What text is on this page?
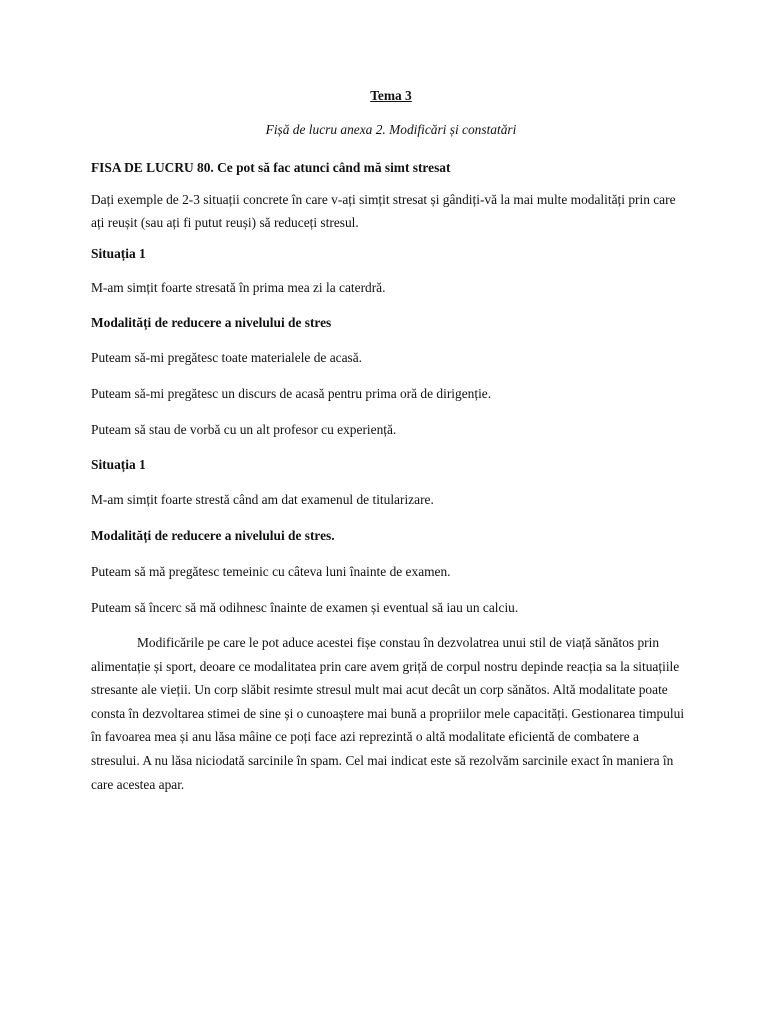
Tema 3

Fișă de lucru anexa 2. Modificări și constatări

FISA DE LUCRU 80. Ce pot să fac atunci când mă simt stresat

Dați exemple de 2-3 situații concrete în care v-ați simțit stresat și gândiți-vă la mai multe modalități prin care ați reușit (sau ați fi putut reuși) să reduceți stresul.

Situația 1

M-am simțit foarte stresată în prima mea zi la caterdră.

Modalități de reducere a nivelului de stres

Puteam să-mi pregătesc toate materialele de acasă.

Puteam să-mi pregătesc un discurs de acasă pentru prima oră de dirigenție.

Puteam să stau de vorbă cu un alt profesor cu experiență.

Situația 1

M-am simțit foarte strestă când am dat examenul de titularizare.

Modalități de reducere a nivelului de stres.

Puteam să mă pregătesc temeinic cu câteva luni înainte de examen.

Puteam să încerc să mă odihnesc înainte de examen și eventual să iau un calciu.

Modificările pe care le pot aduce acestei fișe constau în dezvolatrea unui stil de viață sănătos prin alimentație și sport, deoare ce modalitatea prin care avem griță de corpul nostru depinde reacția sa la situațiile stresante ale vieții. Un corp slăbit resimte stresul mult mai acut decât un corp sănătos. Altă modalitate poate consta în dezvoltarea stimei de sine și o cunoaștere mai bună a propriilor mele capacități. Gestionarea timpului în favoarea mea și anu lăsa mâine ce poți face azi reprezintă o altă modalitate eficientă de combatere a stresului. A nu lăsa niciodată sarcinile în spam. Cel mai indicat este să rezolvăm sarcinile exact în maniera în care acestea apar.
